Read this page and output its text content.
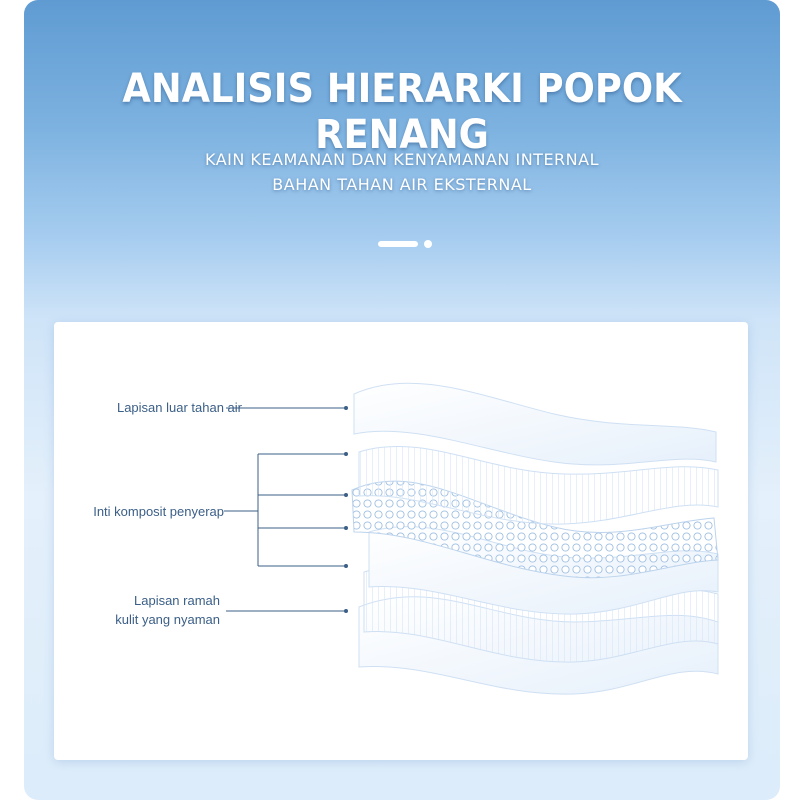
ANALISIS HIERARKI POPOK RENANG
KAIN KEAMANAN DAN KENYAMANAN INTERNAL
BAHAN TAHAN AIR EKSTERNAL
Lapisan luar tahan air
Inti komposit penyerap
Lapisan ramah
kulit yang nyaman
